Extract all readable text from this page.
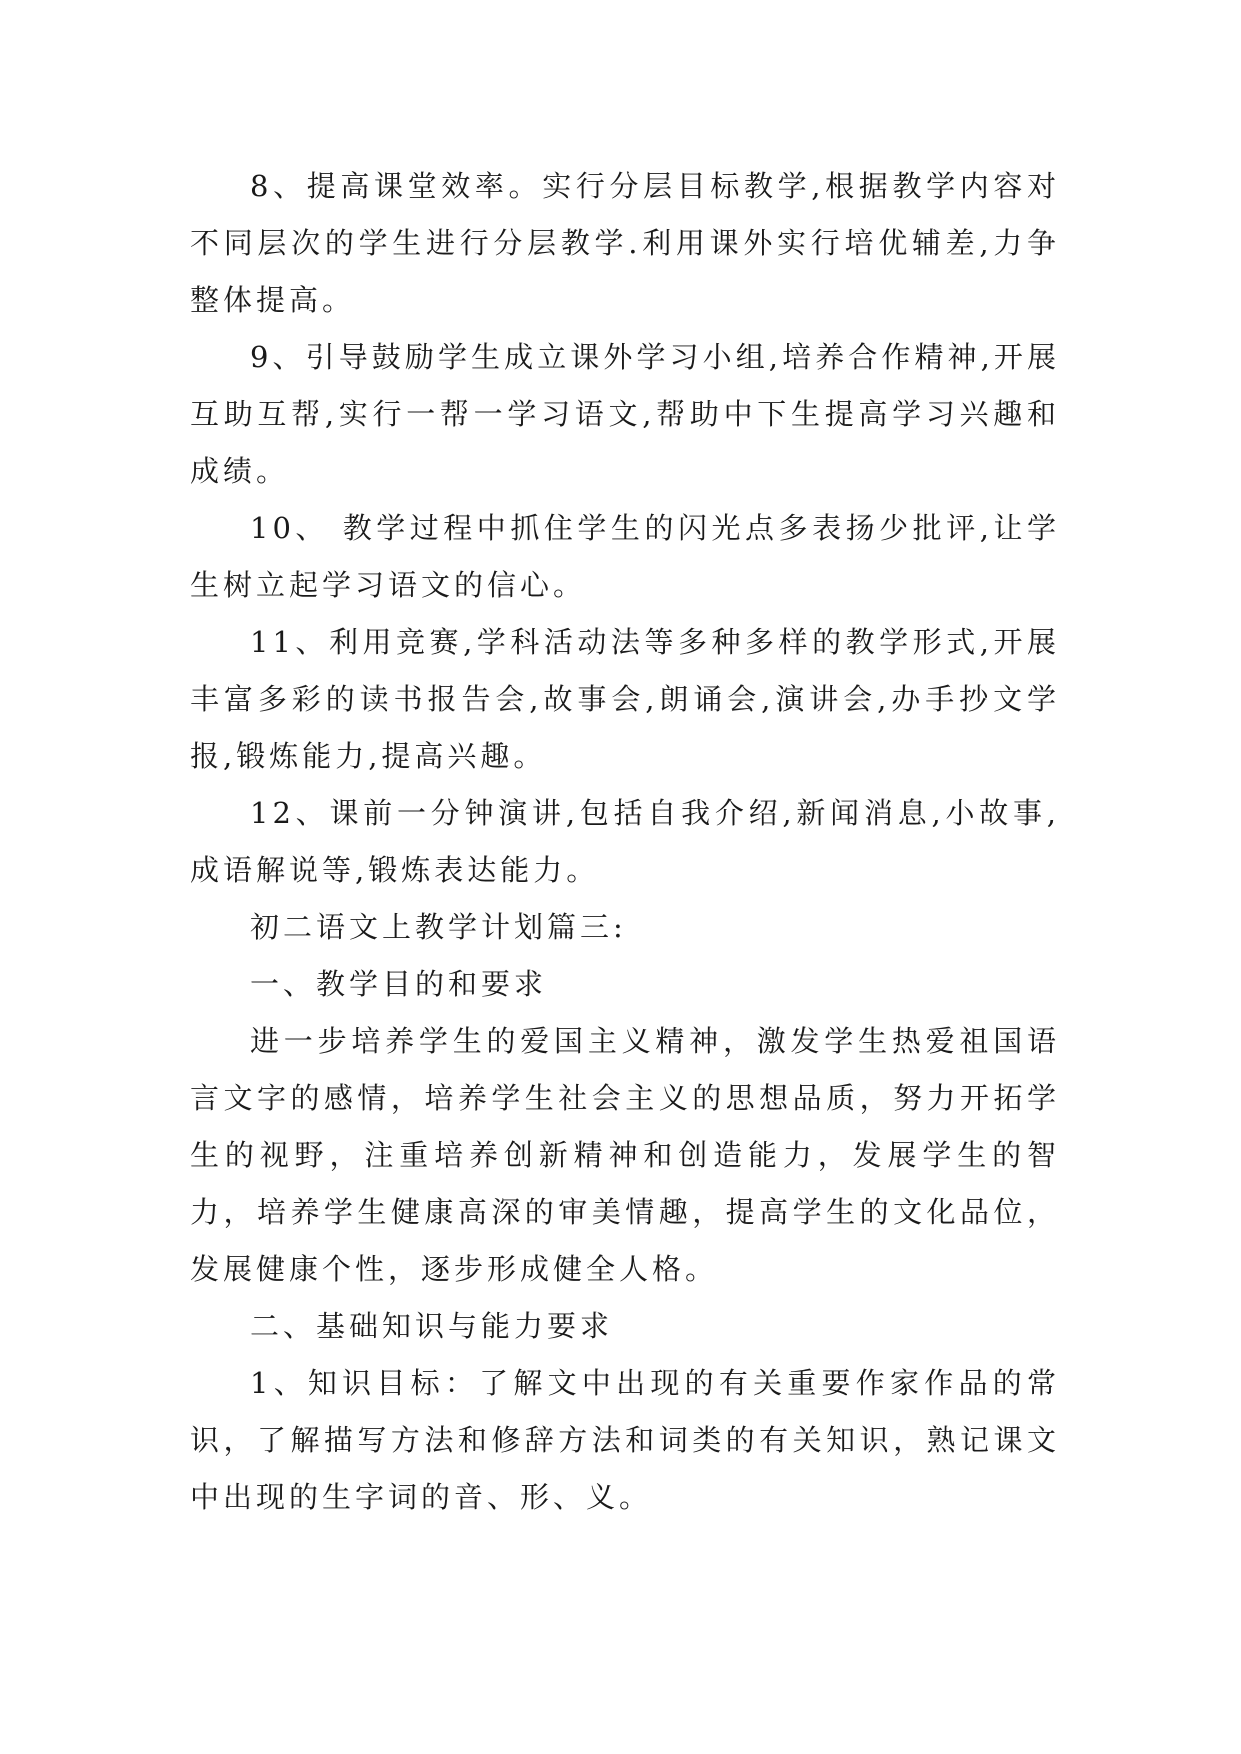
8、提高课堂效率。实行分层目标教学,根据教学内容对不同层次的学生进行分层教学.利用课外实行培优辅差,力争整体提高。

9、引导鼓励学生成立课外学习小组,培养合作精神,开展互助互帮,实行一帮一学习语文,帮助中下生提高学习兴趣和成绩。

10、 教学过程中抓住学生的闪光点多表扬少批评,让学生树立起学习语文的信心。

11、利用竞赛,学科活动法等多种多样的教学形式,开展丰富多彩的读书报告会,故事会,朗诵会,演讲会,办手抄文学报,锻炼能力,提高兴趣。

12、课前一分钟演讲,包括自我介绍,新闻消息,小故事,成语解说等,锻炼表达能力。

初二语文上教学计划篇三:

一、教学目的和要求

进一步培养学生的爱国主义精神，激发学生热爱祖国语言文字的感情，培养学生社会主义的思想品质，努力开拓学生的视野，注重培养创新精神和创造能力，发展学生的智力，培养学生健康高深的审美情趣，提高学生的文化品位，发展健康个性，逐步形成健全人格。

二、基础知识与能力要求

1、知识目标：了解文中出现的有关重要作家作品的常识，了解描写方法和修辞方法和词类的有关知识，熟记课文中出现的生字词的音、形、义。
